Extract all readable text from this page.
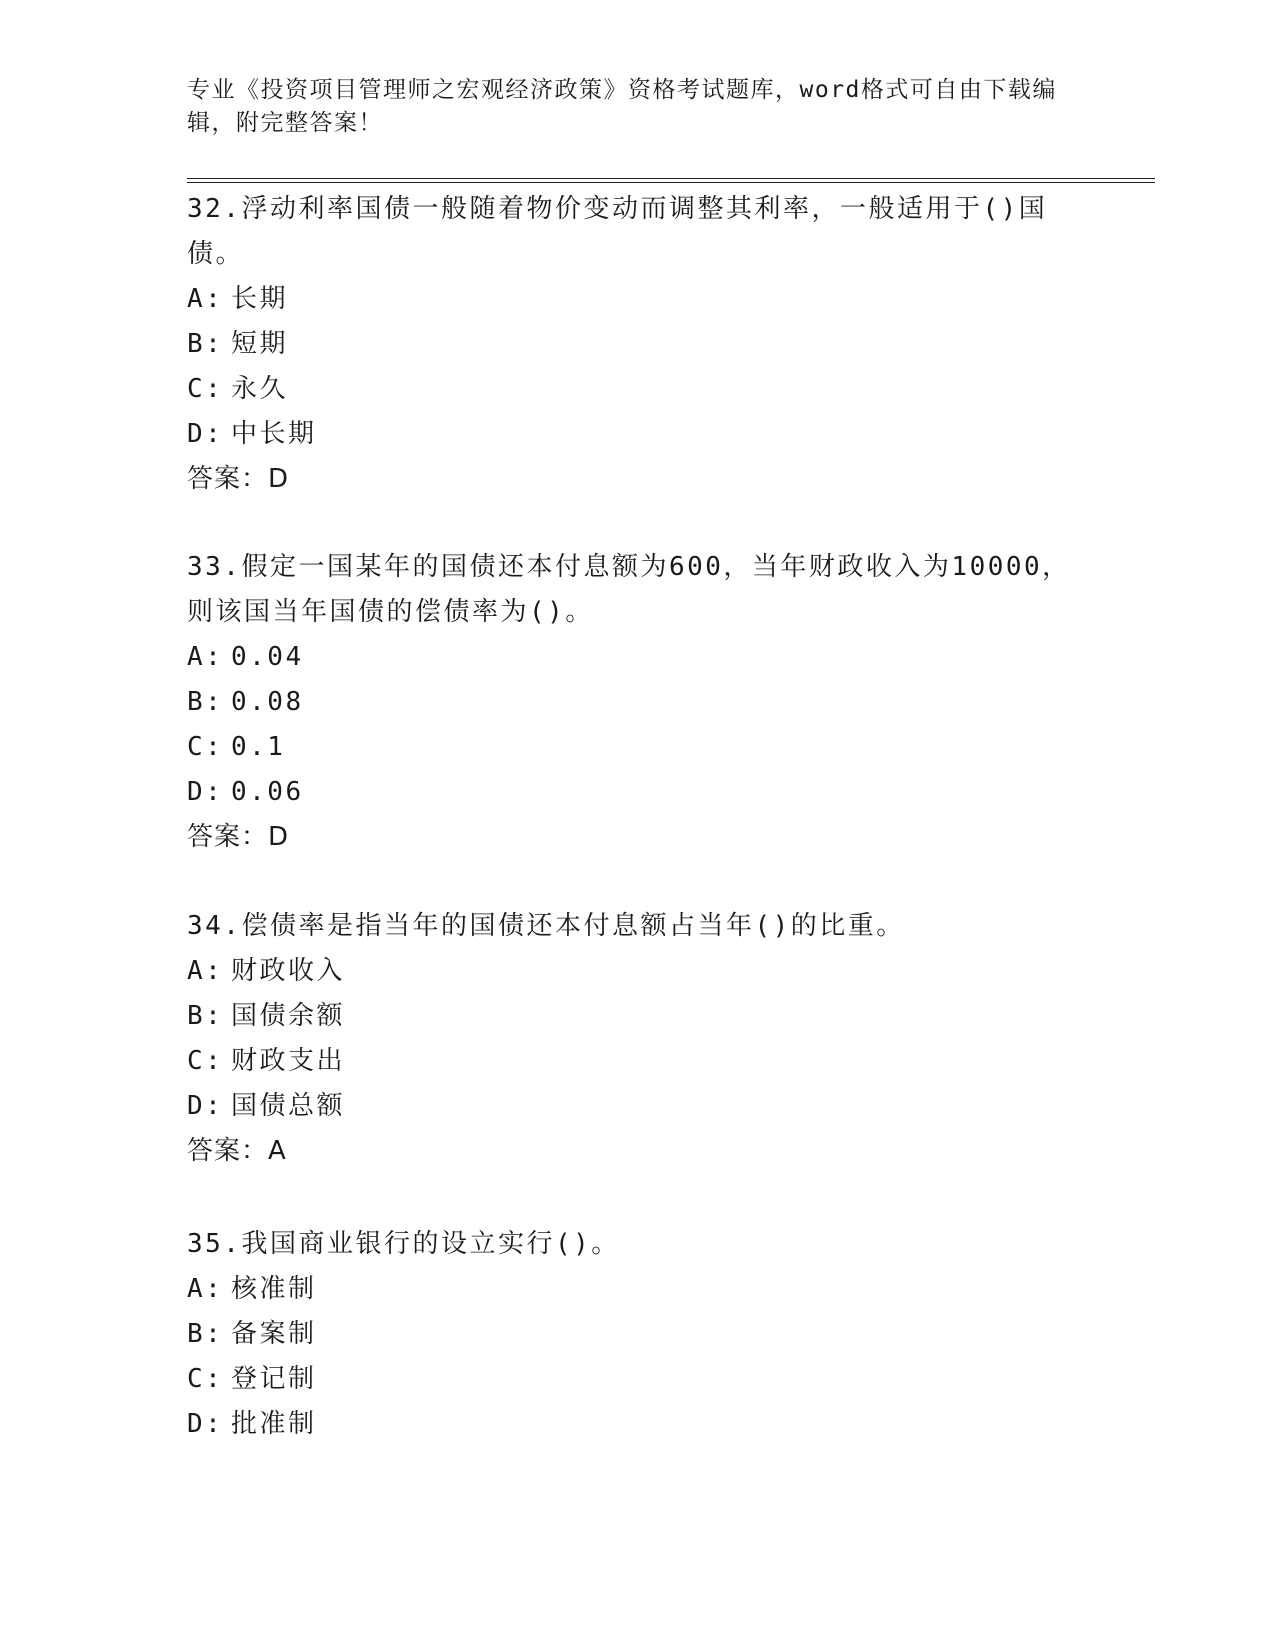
专业《投资项目管理师之宏观经济政策》资格考试题库，word格式可自由下载编辑，附完整答案！

32.浮动利率国债一般随着物价变动而调整其利率，一般适用于()国债。

A: 长期

B: 短期

C: 永久

D: 中长期

答案：D

33.假定一国某年的国债还本付息额为600，当年财政收入为10000，则该国当年国债的偿债率为()。

A: 0.04

B: 0.08

C: 0.1

D: 0.06

答案：D

34.偿债率是指当年的国债还本付息额占当年()的比重。

A: 财政收入

B: 国债余额

C: 财政支出

D: 国债总额

答案：A

35.我国商业银行的设立实行()。

A: 核准制

B: 备案制

C: 登记制

D: 批准制
